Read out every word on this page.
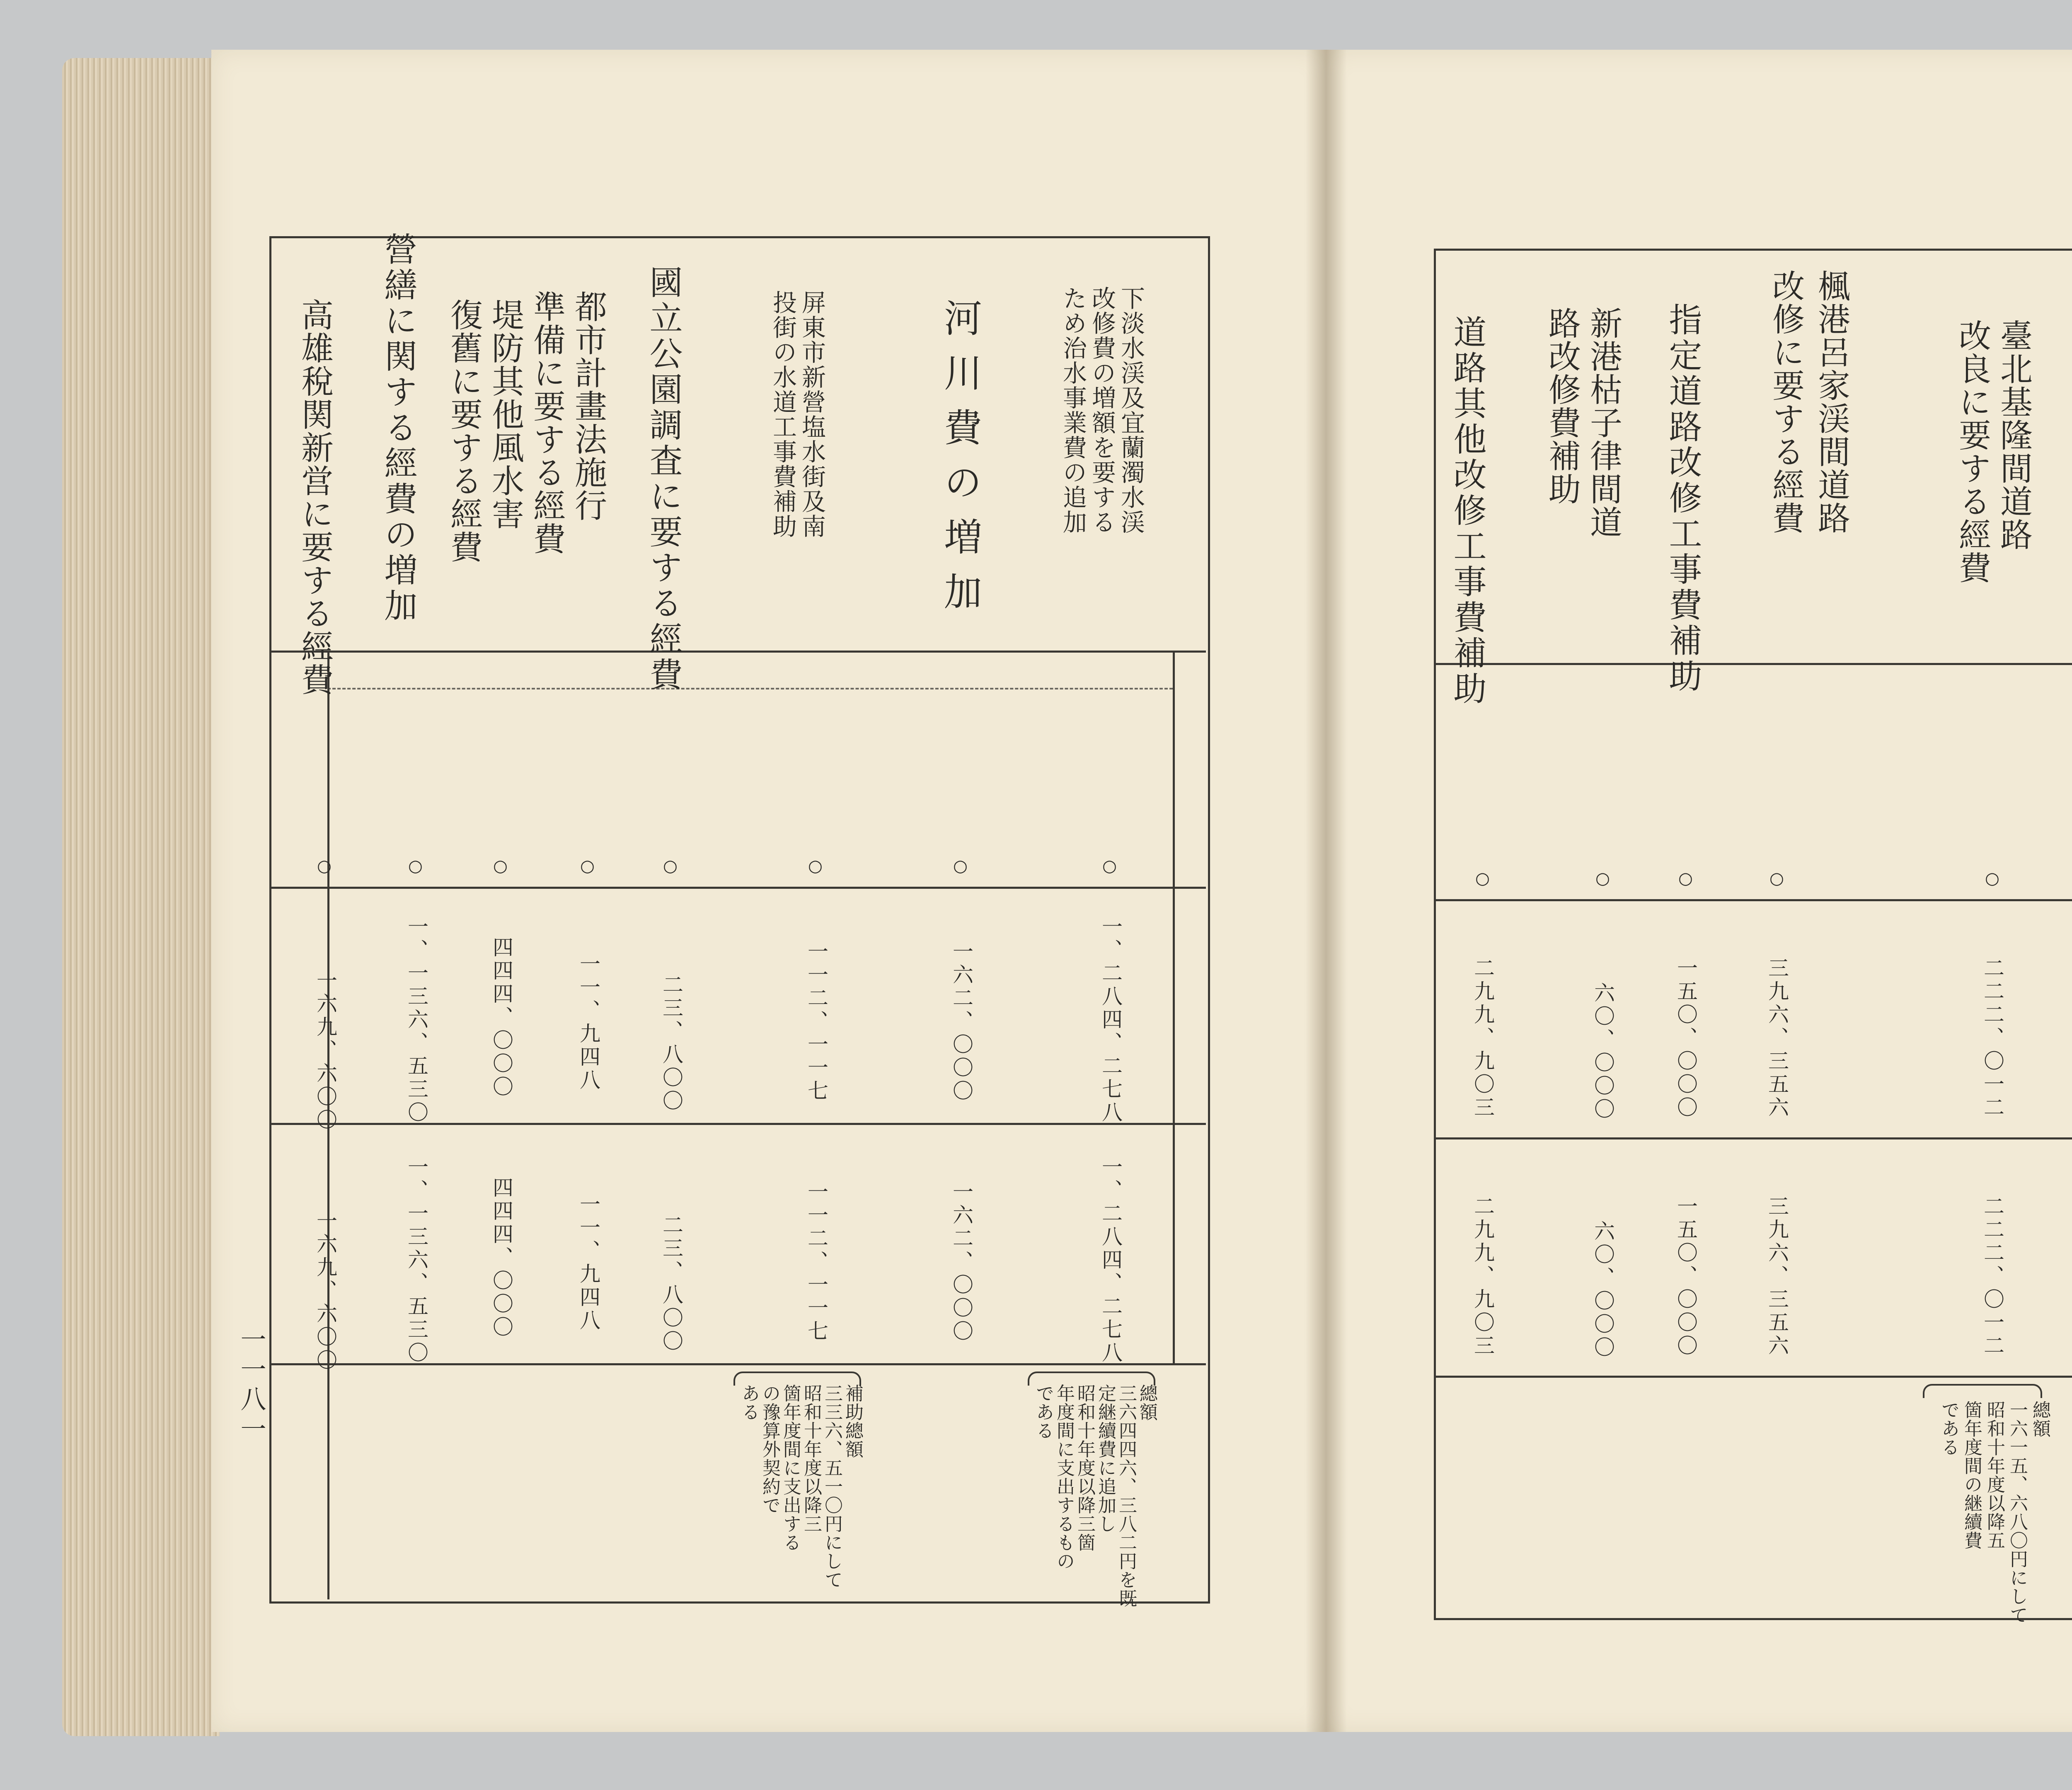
臺北基隆間道路
改良に要する經費
○
二二二、〇一二
二二二、〇一二
總額
一六一五、六八〇円にして
昭和十年度以降五
箇年度間の継續費
である
楓港呂家渓間道路
改修に要する經費
○
三九六、三五六
三九六、三五六
指定道路改修工事費補助
○
一五〇、〇〇〇
一五〇、〇〇〇
新港枯子律間道
路改修費補助
○
六〇、〇〇〇
六〇、〇〇〇
道路其他改修工事費補助
○
二九九、九〇三
二九九、九〇三
一一八一
下淡水渓及宜蘭濁水渓
改修費の増額を要する
ため治水事業費の追加
○
一、二八四、二七八
一、二八四、二七八
總額
三六四四六、三八二円を既
定継續費に追加し
昭和十年度以降三箇
年度間に支出するもの
である
河川費の増加
○
一六二、〇〇〇
一六二、〇〇〇
屏東市新營塩水街及南
投街の水道工事費補助
○
一一二、一一七
一一二、一一七
補助總額
三三六、五一〇円にして
昭和十年度以降三
箇年度間に支出する
の豫算外契約で
ある
國立公園調査に要する經費
○
二三、八〇〇
二三、八〇〇
都市計畫法施行
準備に要する經費
○
一一、九四八
一一、九四八
堤防其他風水害
復舊に要する經費
○
四四四、〇〇〇
四四四、〇〇〇
營繕に関する經費の増加
○
一、一三六、五三〇
一、一三六、五三〇
高雄稅関新営に要する經費
○
一六九、六〇〇
一六九、六〇〇
